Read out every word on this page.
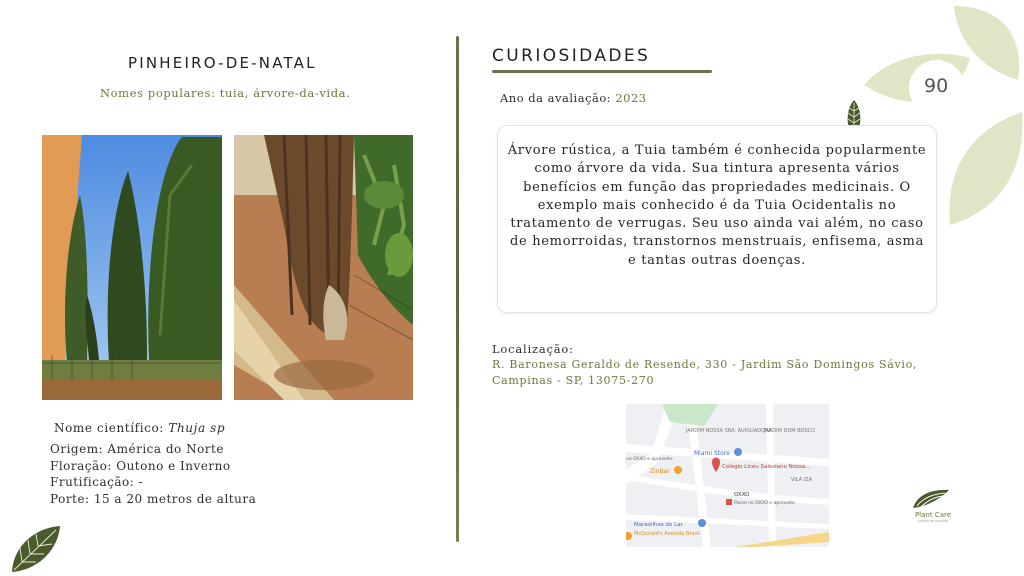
90
PINHEIRO-DE-NATAL
Nomes populares: tuia, árvore-da-vida.
Nome científico: Thuja sp
Origem: América do Norte
Floração: Outono e Inverno
Frutificação: -
Porte: 15 a 20 metros de altura
CURIOSIDADES
Ano da avaliação: 2023

Árvore rústica, a Tuia também é conhecida popularmente como árvore da vida. Sua tintura apresenta vários benefícios em função das propriedades medicinais. O exemplo mais conhecido é da Tuia Ocidentalis no tratamento de verrugas. Seu uso ainda vai além, no caso de hemorroidas, transtornos menstruais, enfisema, asma e tantas outras doenças.

Localização:
R. Baronesa Geraldo de Resende, 330 - Jardim São Domingos Sávio, Campinas - SP, 13075-270
JARDIM NOSSA SRA. AUXILIADORA
JARDIM DOM BOSCO
Miami Store
Colégio Liceu Salesiano Nossa...
ZinBar
OXXO
Passe no OXXO e aproveite
Maravilhas do Lar
McDonald's Avenida Brasil
VILA IZA
no OXXO e aproveite
Plant Care
centro de plantas
